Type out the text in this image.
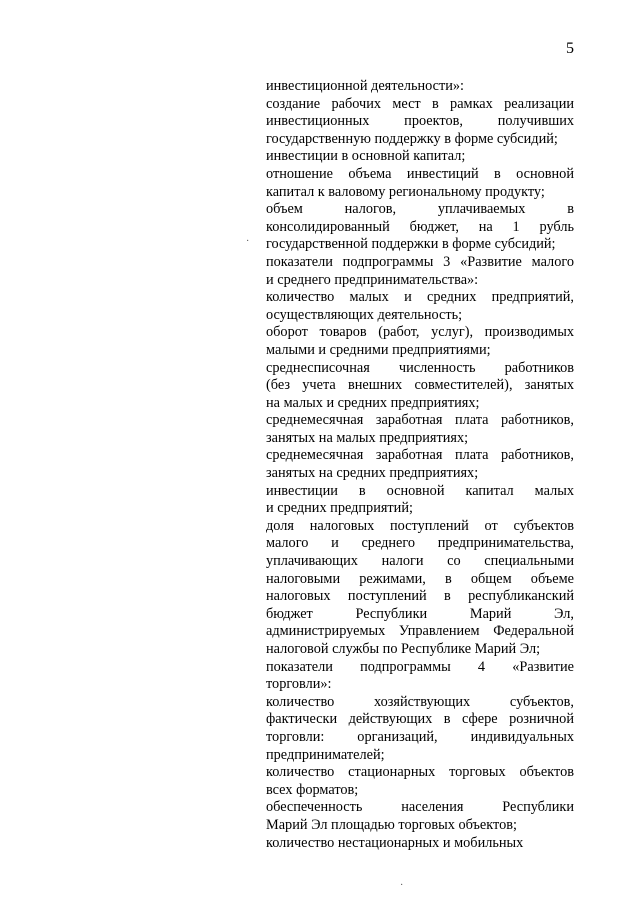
5

инвестиционной деятельности»:

создание рабочих мест в рамках реализации
инвестиционных проектов, получивших
государственную поддержку в форме субсидий;

инвестиции в основной капитал;

отношение объема инвестиций в основной
капитал к валовому региональному продукту;

объем налогов, уплачиваемых в
консолидированный бюджет, на 1 рубль
государственной поддержки в форме субсидий;

показатели подпрограммы 3 «Развитие малого
и среднего предпринимательства»:

количество малых и средних предприятий,
осуществляющих деятельность;

оборот товаров (работ, услуг), производимых
малыми и средними предприятиями;

среднесписочная численность работников
(без учета внешних совместителей), занятых
на малых и средних предприятиях;

среднемесячная заработная плата работников,
занятых на малых предприятиях;

среднемесячная заработная плата работников,
занятых на средних предприятиях;

инвестиции в основной капитал малых
и средних предприятий;

доля налоговых поступлений от субъектов
малого и среднего предпринимательства,
уплачивающих налоги со специальными
налоговыми режимами, в общем объеме
налоговых поступлений в республиканский
бюджет Республики Марий Эл,
администрируемых Управлением Федеральной
налоговой службы по Республике Марий Эл;

показатели подпрограммы 4 «Развитие
торговли»:

количество хозяйствующих субъектов,
фактически действующих в сфере розничной
торговли: организаций, индивидуальных
предпринимателей;

количество стационарных торговых объектов
всех форматов;

обеспеченность населения Республики
Марий Эл площадью торговых объектов;

количество нестационарных и мобильных

·
·
